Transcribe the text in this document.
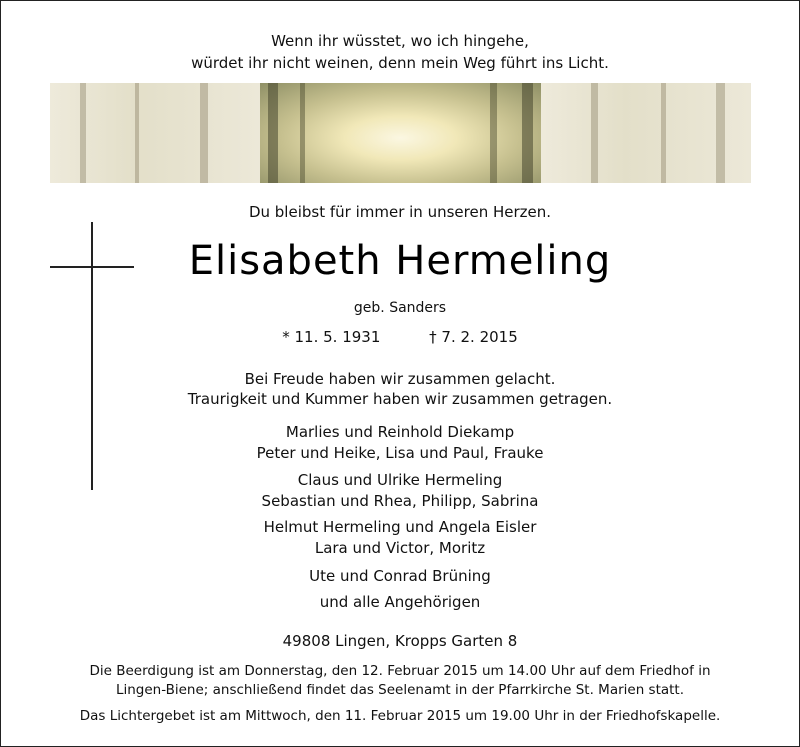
Wenn ihr wüsstet, wo ich hingehe,
würdet ihr nicht weinen, denn mein Weg führt ins Licht.
Du bleibst für immer in unseren Herzen.
Elisabeth Hermeling
geb. Sanders
* 11. 5. 1931	† 7. 2. 2015
Bei Freude haben wir zusammen gelacht.
Traurigkeit und Kummer haben wir zusammen getragen.
Marlies und Reinhold Diekamp
Peter und Heike, Lisa und Paul, Frauke
Claus und Ulrike Hermeling
Sebastian und Rhea, Philipp, Sabrina
Helmut Hermeling und Angela Eisler
Lara und Victor, Moritz
Ute und Conrad Brüning
und alle Angehörigen
49808 Lingen, Kropps Garten 8
Die Beerdigung ist am Donnerstag, den 12. Februar 2015 um 14.00 Uhr auf dem Friedhof in
Lingen-Biene; anschließend findet das Seelenamt in der Pfarrkirche St. Marien statt.
Das Lichtergebet ist am Mittwoch, den 11. Februar 2015 um 19.00 Uhr in der Friedhofskapelle.
